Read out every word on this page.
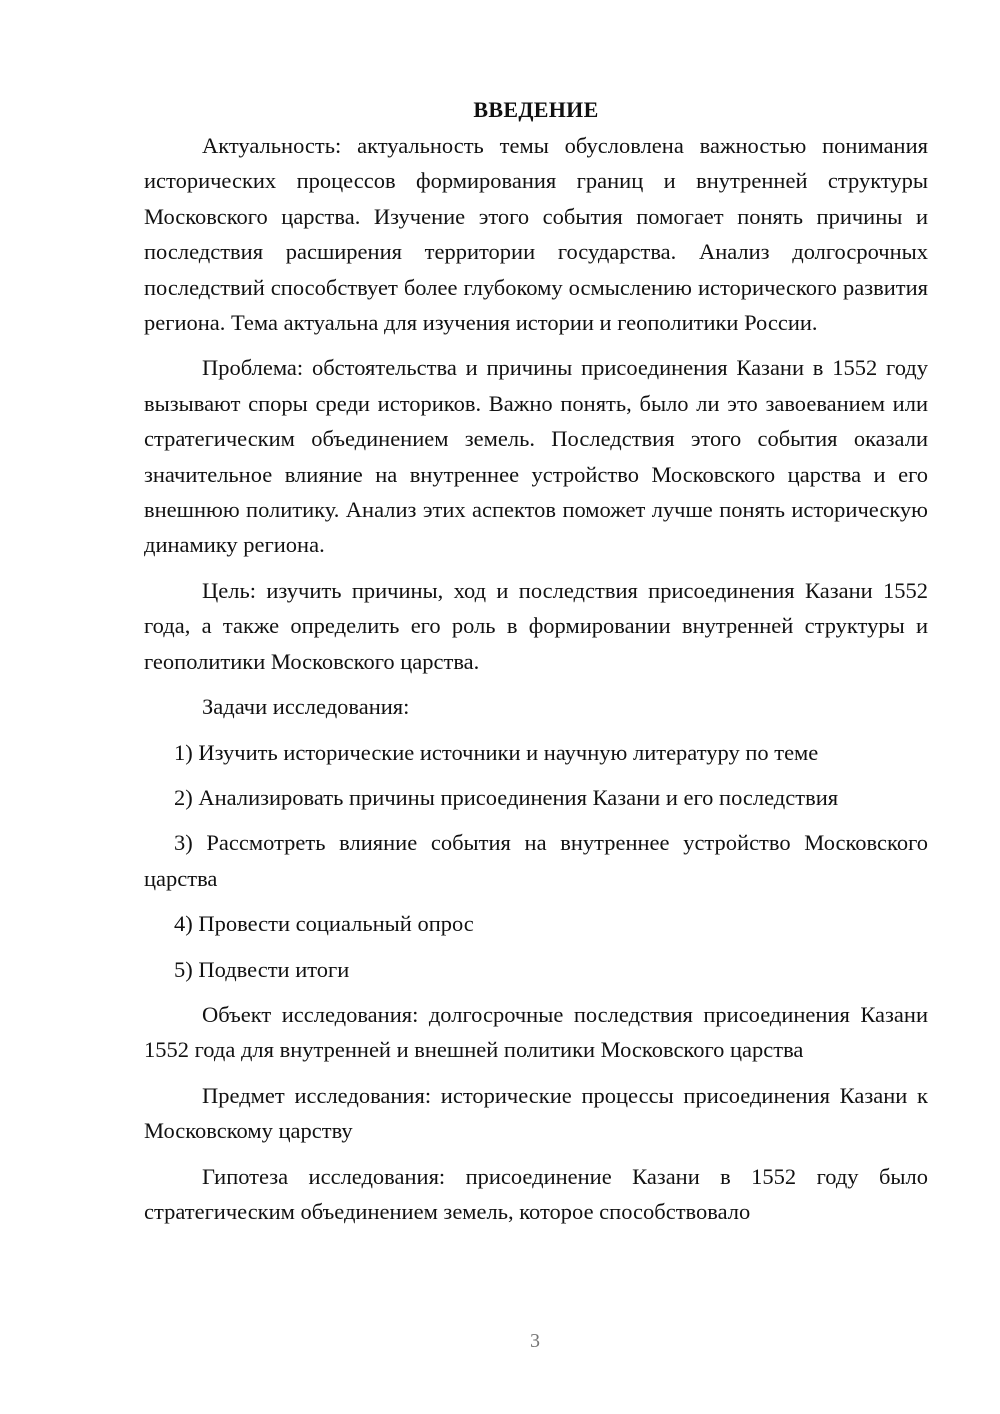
ВВЕДЕНИЕ

Актуальность: актуальность темы обусловлена важностью понимания исторических процессов формирования границ и внутренней структуры Московского царства. Изучение этого события помогает понять причины и последствия расширения территории государства. Анализ долгосрочных последствий способствует более глубокому осмыслению исторического развития региона. Тема актуальна для изучения истории и геополитики России.

Проблема: обстоятельства и причины присоединения Казани в 1552 году вызывают споры среди историков. Важно понять, было ли это завоеванием или стратегическим объединением земель. Последствия этого события оказали значительное влияние на внутреннее устройство Московского царства и его внешнюю политику. Анализ этих аспектов поможет лучше понять историческую динамику региона.

Цель: изучить причины, ход и последствия присоединения Казани 1552 года, а также определить его роль в формировании внутренней структуры и геополитики Московского царства.

Задачи исследования:

1) Изучить исторические источники и научную литературу по теме

2) Анализировать причины присоединения Казани и его последствия

3) Рассмотреть влияние события на внутреннее устройство Московского царства

4) Провести социальный опрос

5) Подвести итоги

Объект исследования: долгосрочные последствия присоединения Казани 1552 года для внутренней и внешней политики Московского царства

Предмет исследования: исторические процессы присоединения Казани к Московскому царству

Гипотеза исследования: присоединение Казани в 1552 году было стратегическим объединением земель, которое способствовало

3
